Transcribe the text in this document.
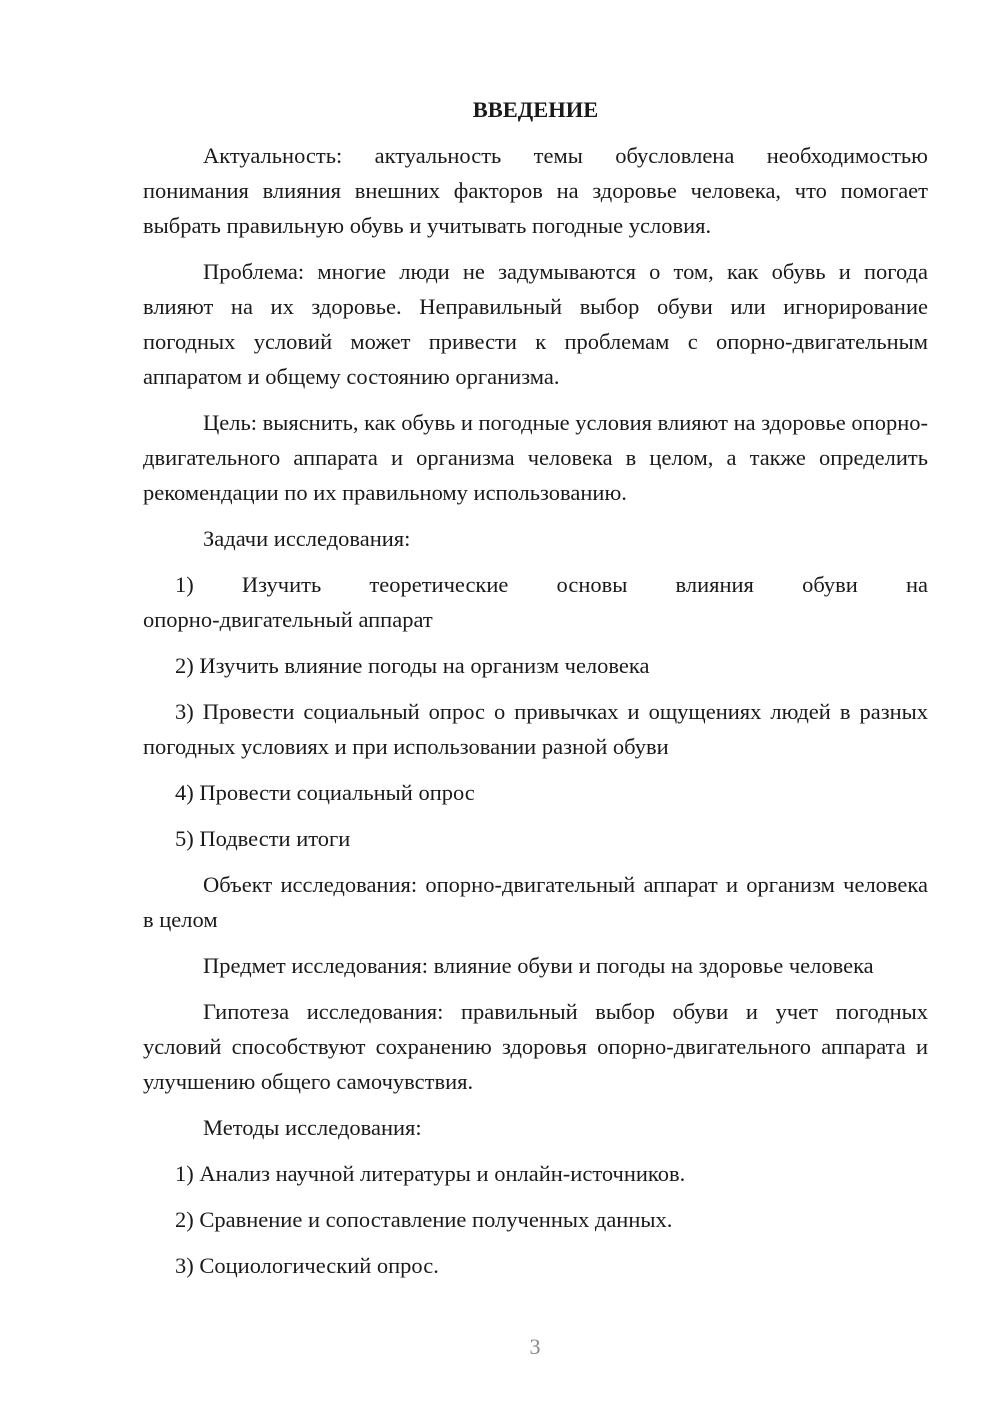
ВВЕДЕНИЕ

Актуальность: актуальность темы обусловлена необходимостью понимания влияния внешних факторов на здоровье человека, что помогает выбрать правильную обувь и учитывать погодные условия.

Проблема: многие люди не задумываются о том, как обувь и погода влияют на их здоровье. Неправильный выбор обуви или игнорирование погодных условий может привести к проблемам с опорно-двигательным аппаратом и общему состоянию организма.

Цель: выяснить, как обувь и погодные условия влияют на здоровье опорно-двигательного аппарата и организма человека в целом, а также определить рекомендации по их правильному использованию.

Задачи исследования:

1) Изучить теоретические основы влияния обуви на
опорно-двигательный аппарат

2) Изучить влияние погоды на организм человека

3) Провести социальный опрос о привычках и ощущениях людей в разных погодных условиях и при использовании разной обуви

4) Провести социальный опрос

5) Подвести итоги

Объект исследования: опорно-двигательный аппарат и организм человека в целом

Предмет исследования: влияние обуви и погоды на здоровье человека

Гипотеза исследования: правильный выбор обуви и учет погодных условий способствуют сохранению здоровья опорно-двигательного аппарата и улучшению общего самочувствия.

Методы исследования:

1) Анализ научной литературы и онлайн-источников.

2) Сравнение и сопоставление полученных данных.

3) Социологический опрос.

3
